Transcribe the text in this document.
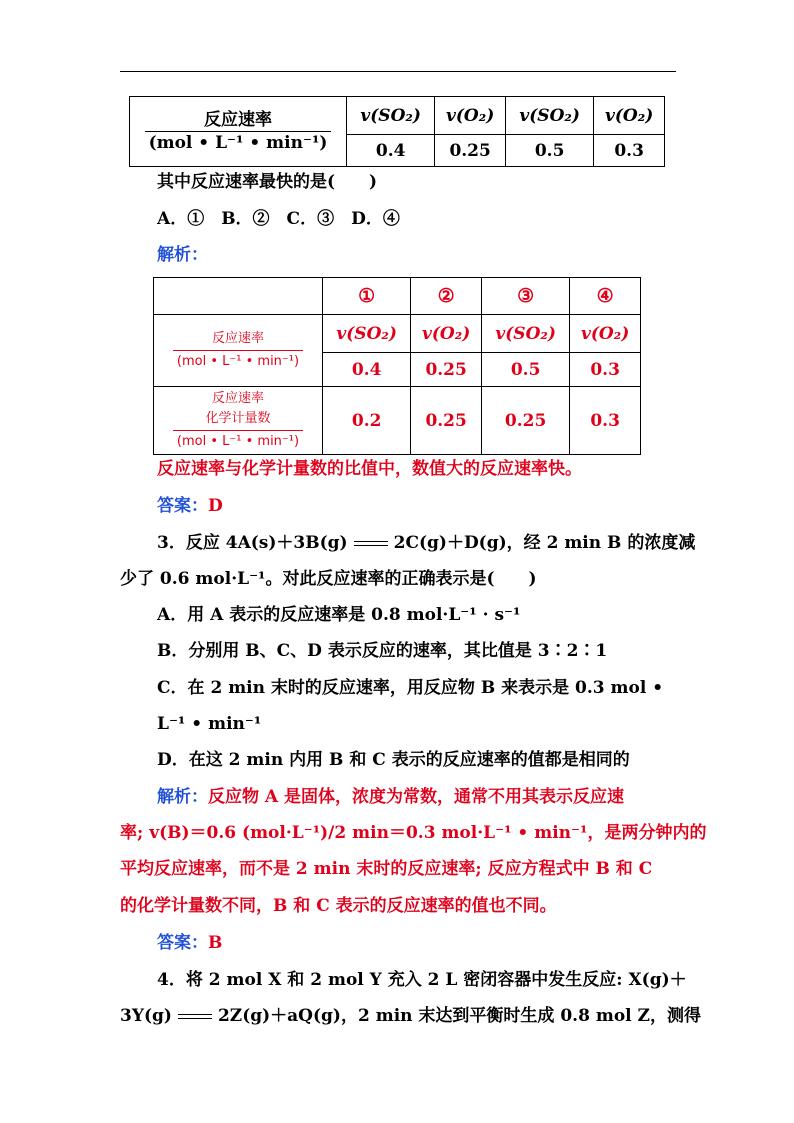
$\frac{\text{反应速率}}{\text{(mol • L⁻¹ • min⁻¹)}}$	v(SO₂)	v(O₂)	v(SO₂)	v(O₂)
	0.4	0.25	0.5	0.3
其中反应速率最快的是(　　)
A．①　B．②　C．③　D．④
解析：
	①	②	③	④

$\frac{\text{反应速率}}{\text{(mol • L⁻¹ • min⁻¹)}}$	v(SO₂)	v(O₂)	v(SO₂)	v(O₂)
	0.4	0.25	0.5	0.3

反应速率
化学计量数
(mol • L⁻¹ • min⁻¹)	0.2	0.25	0.25	0.3
反应速率与化学计量数的比值中，数值大的反应速率快。
答案：D
3．反应 4A(s)＋3B(g)	2C(g)＋D(g)，经 2 min B 的浓度减
少了 0.6 mol·L⁻¹。对此反应速率的正确表示是(　　)
A．用 A 表示的反应速率是 0.8 mol·L⁻¹ · s⁻¹
B．分别用 B、C、D 表示反应的速率，其比值是 3∶2∶1
C．在 2 min 末时的反应速率，用反应物 B 来表示是 0.3 mol •
L⁻¹ • min⁻¹
D．在这 2 min 内用 B 和 C 表示的反应速率的值都是相同的
解析：反应物 A 是固体，浓度为常数，通常不用其表示反应速
率; v(B)＝0.6 (mol·L⁻¹)/2 min＝0.3 mol·L⁻¹ • min⁻¹，是两分钟内的
平均反应速率，而不是 2 min 末时的反应速率; 反应方程式中 B 和 C
的化学计量数不同，B 和 C 表示的反应速率的值也不同。
答案：B
4．将 2 mol X 和 2 mol Y 充入 2 L 密闭容器中发生反应: X(g)＋
3Y(g)	2Z(g)＋aQ(g)，2 min 末达到平衡时生成 0.8 mol Z，测得
